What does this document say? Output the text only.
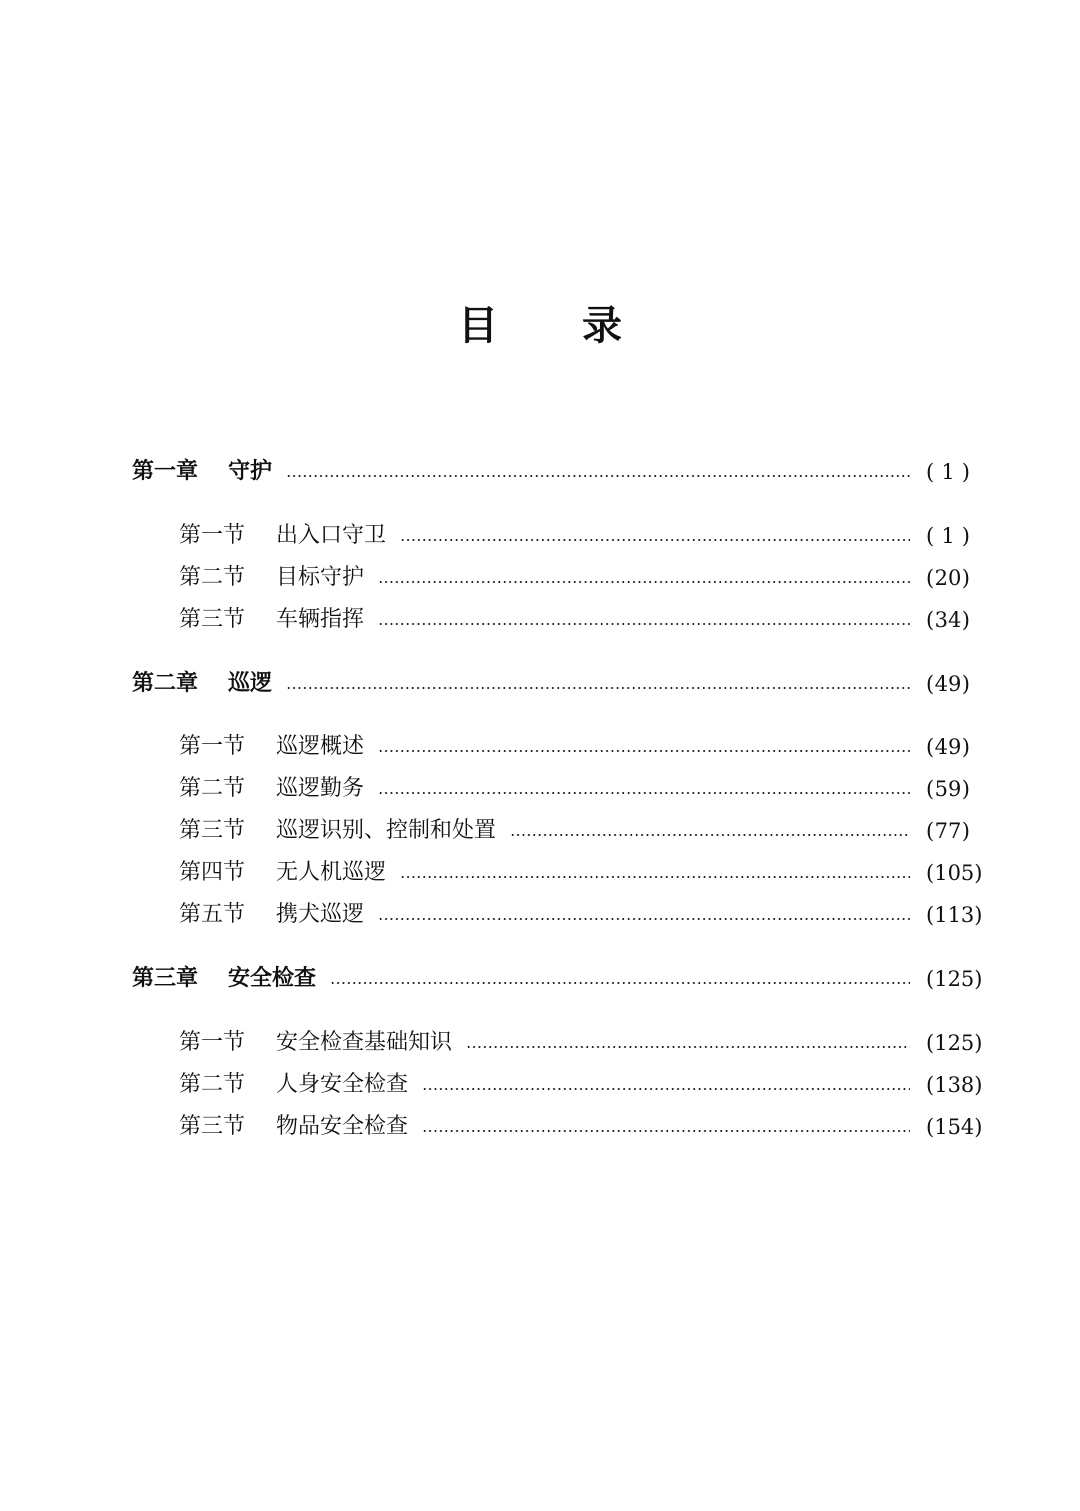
目 录
第一章	守护	( 1 )
第一节	出入口守卫	( 1 )
第二节	目标守护	( 20 )
第三节	车辆指挥	( 34 )
第二章	巡逻	( 49 )
第一节	巡逻概述	( 49 )
第二节	巡逻勤务	( 59 )
第三节	巡逻识别、控制和处置	( 77 )
第四节	无人机巡逻	( 105 )
第五节	携犬巡逻	( 113 )
第三章	安全检查	( 125 )
第一节	安全检查基础知识	( 125 )
第二节	人身安全检查	( 138 )
第三节	物品安全检查	( 154 )
